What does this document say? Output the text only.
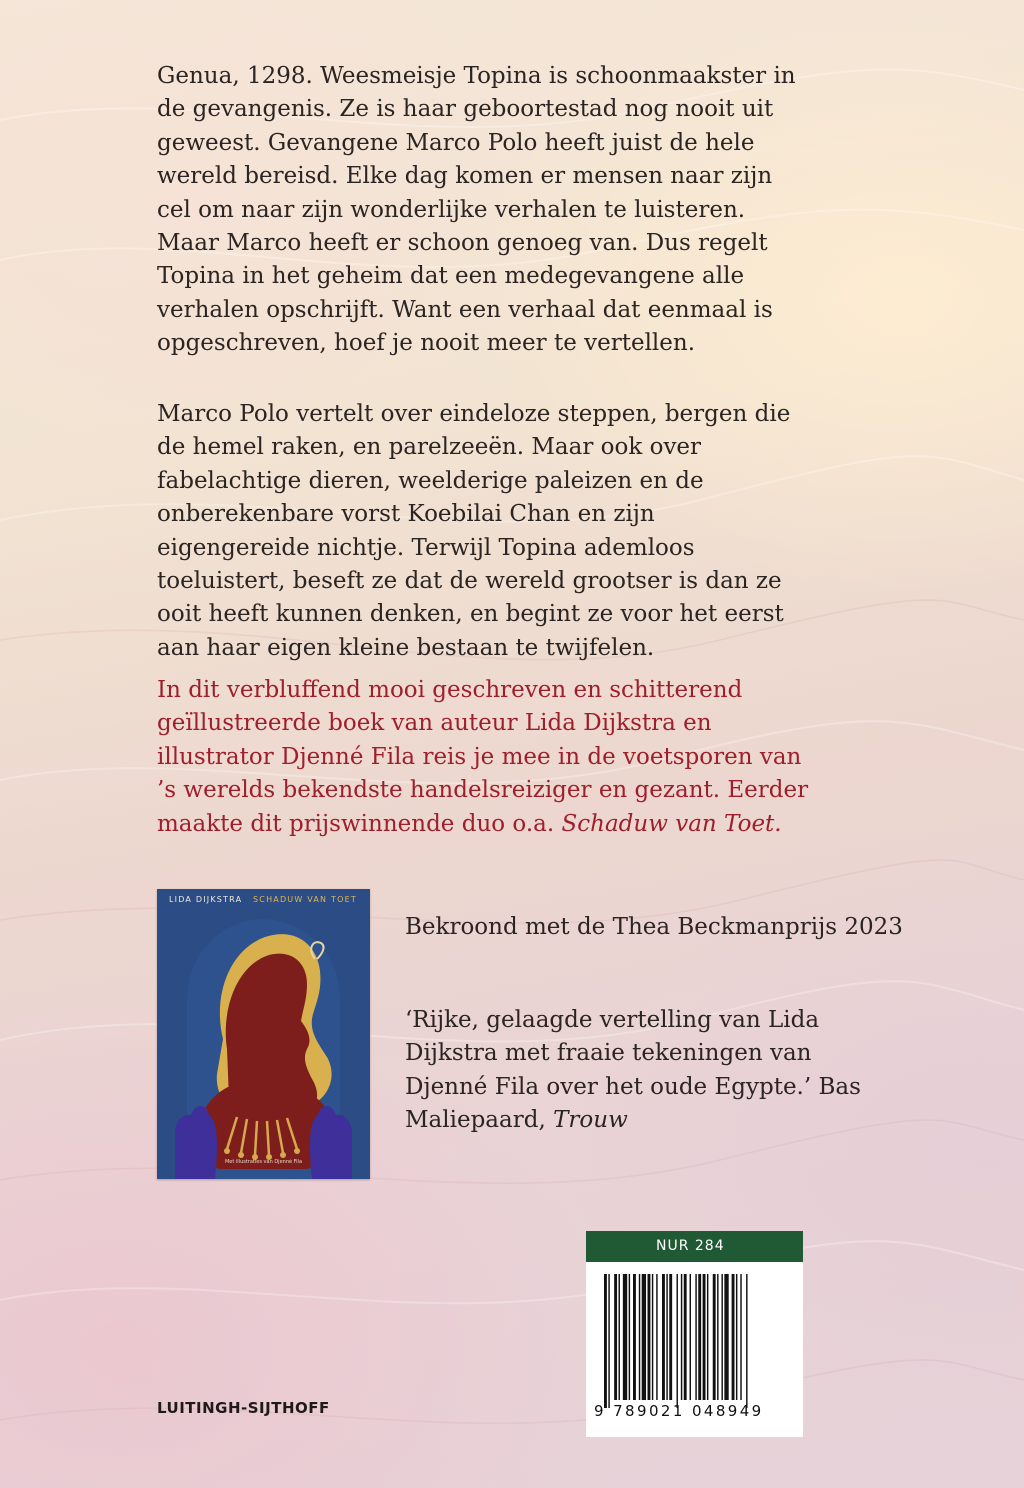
Genua, 1298. Weesmeisje Topina is schoonmaakster in de gevangenis. Ze is haar geboortestad nog nooit uit geweest. Gevangene Marco Polo heeft juist de hele wereld bereisd. Elke dag komen er mensen naar zijn cel om naar zijn wonderlijke verhalen te luisteren. Maar Marco heeft er schoon genoeg van. Dus regelt Topina in het geheim dat een medegevangene alle verhalen opschrijft. Want een verhaal dat eenmaal is opgeschreven, hoef je nooit meer te vertellen.
Marco Polo vertelt over eindeloze steppen, bergen die de hemel raken, en parelzeeën. Maar ook over fabelachtige dieren, weelderige paleizen en de onberekenbare vorst Koebilai Chan en zijn eigengereide nichtje. Terwijl Topina ademloos toeluistert, beseft ze dat de wereld grootser is dan ze ooit heeft kunnen denken, en begint ze voor het eerst aan haar eigen kleine bestaan te twijfelen.
In dit verbluffend mooi geschreven en schitterend geïllustreerde boek van auteur Lida Dijkstra en illustrator Djenné Fila reis je mee in de voetsporen van ’s werelds bekendste handelsreiziger en gezant. Eerder maakte dit prijswinnende duo o.a. Schaduw van Toet.
LIDA DIJKSTRA SCHADUW VAN TOET
Met illustraties van Djenné Fila
Bekroond met de Thea Beckmanprijs 2023
‘Rijke, gelaagde vertelling van Lida Dijkstra met fraaie tekeningen van Djenné Fila over het oude Egypte.’ Bas Maliepaard, Trouw
LUITINGH-SIJTHOFF
NUR 284
9 789021 048949
